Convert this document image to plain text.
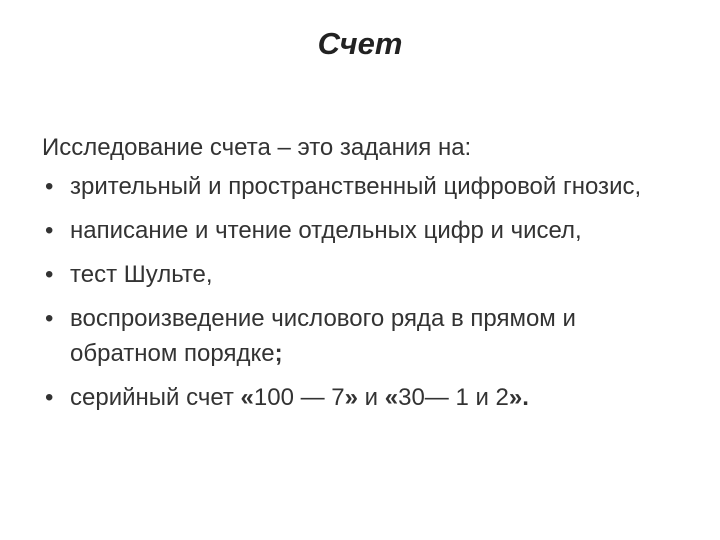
Счет
Исследование счета – это задания на:
• зрительный и пространственный цифровой гнозис,
• написание и чтение отдельных цифр и чисел,
• тест Шульте,
• воспроизведение числового ряда в прямом и обратном порядке;
• серийный счет «100 — 7» и «30— 1 и 2».
